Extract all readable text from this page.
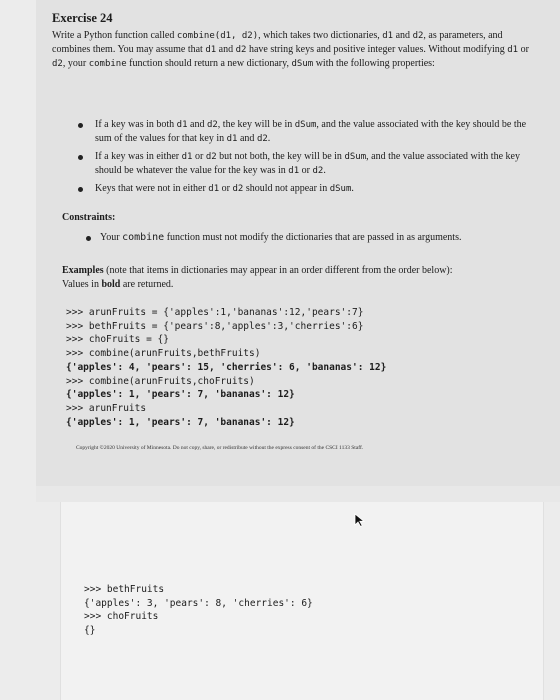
Exercise 24
Write a Python function called combine(d1, d2), which takes two dictionaries, d1 and d2, as parameters, and combines them. You may assume that d1 and d2 have string keys and positive integer values. Without modifying d1 or d2, your combine function should return a new dictionary, dSum with the following properties:
If a key was in both d1 and d2, the key will be in dSum, and the value associated with the key should be the sum of the values for that key in d1 and d2.
If a key was in either d1 or d2 but not both, the key will be in dSum, and the value associated with the key should be whatever the value for the key was in d1 or d2.
Keys that were not in either d1 or d2 should not appear in dSum.
Constraints:
Your combine function must not modify the dictionaries that are passed in as arguments.
Examples (note that items in dictionaries may appear in an order different from the order below):
Values in bold are returned.
>>> arunFruits = {'apples':1,'bananas':12,'pears':7}
>>> bethFruits = {'pears':8,'apples':3,'cherries':6}
>>> choFruits = {}
>>> combine(arunFruits,bethFruits)
{'apples': 4, 'pears': 15, 'cherries': 6, 'bananas': 12}
>>> combine(arunFruits,choFruits)
{'apples': 1, 'pears': 7, 'bananas': 12}
>>> arunFruits
{'apples': 1, 'pears': 7, 'bananas': 12}
Copyright ©2020 University of Minnesota. Do not copy, share, or redistribute without the express consent of the CSCI 1133 Staff.
>>> bethFruits
{'apples': 3, 'pears': 8, 'cherries': 6}
>>> choFruits
{}
